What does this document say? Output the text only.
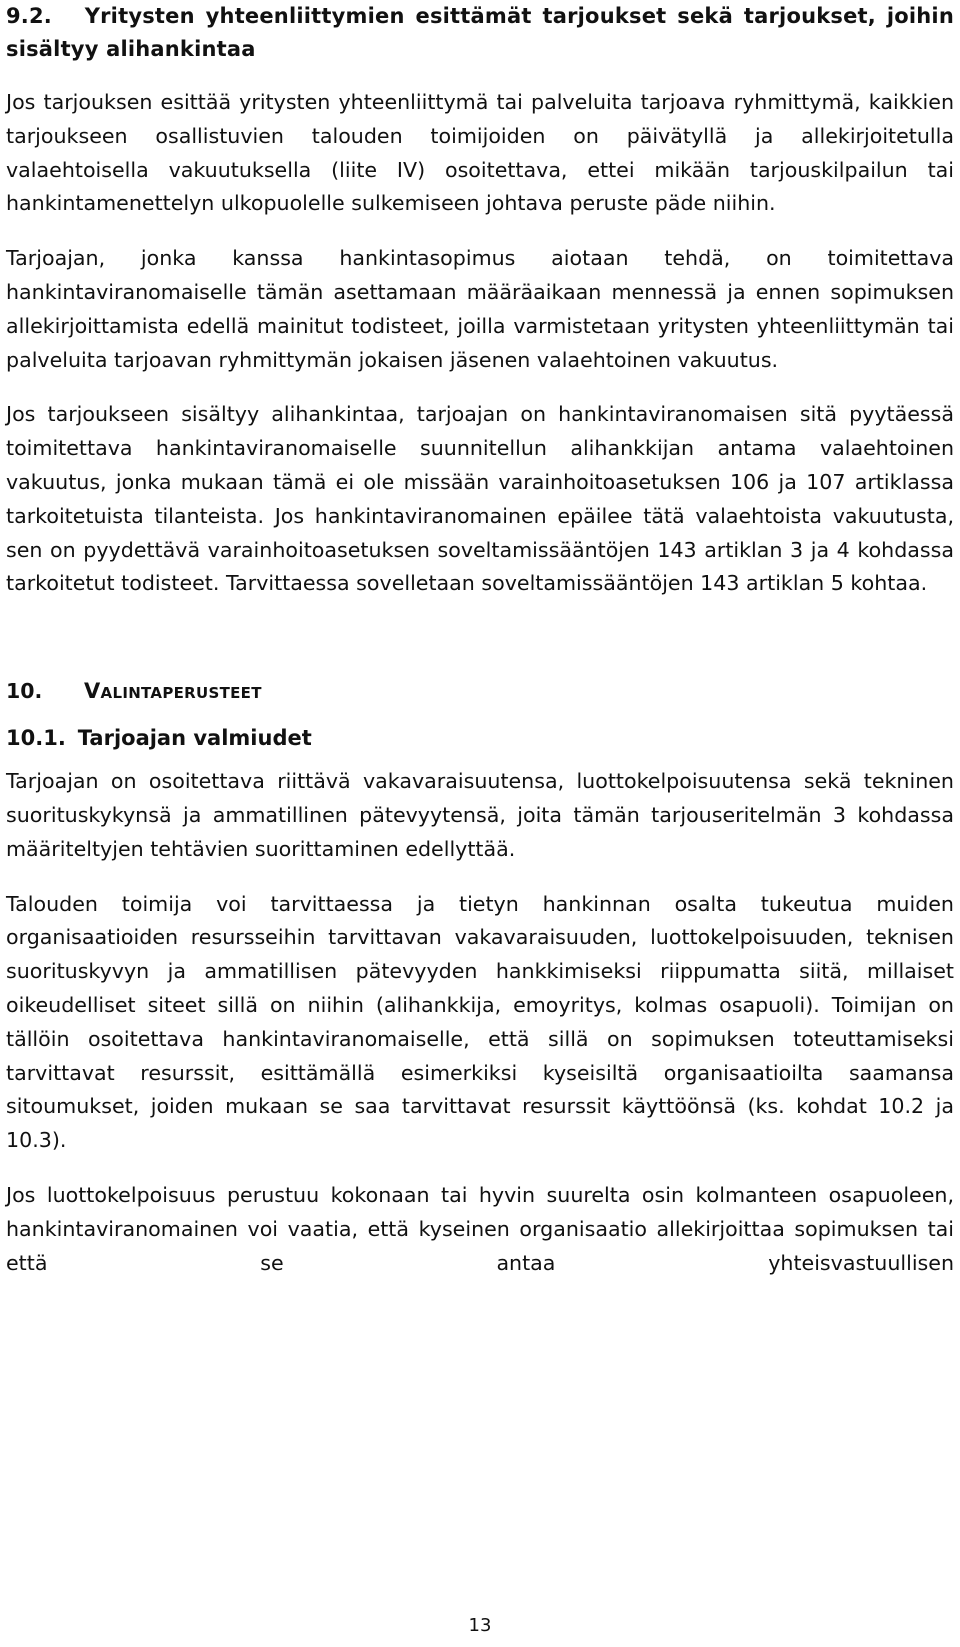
9.2. Yritysten yhteenliittymien esittämät tarjoukset sekä tarjoukset, joihin sisältyy alihankintaa

Jos tarjouksen esittää yritysten yhteenliittymä tai palveluita tarjoava ryhmittymä, kaikkien tarjoukseen osallistuvien talouden toimijoiden on päivätyllä ja allekirjoitetulla valaehtoisella vakuutuksella (liite IV) osoitettava, ettei mikään tarjouskilpailun tai hankintamenettelyn ulkopuolelle sulkemiseen johtava peruste päde niihin.

Tarjoajan, jonka kanssa hankintasopimus aiotaan tehdä, on toimitettava hankintaviranomaiselle tämän asettamaan määräaikaan mennessä ja ennen sopimuksen allekirjoittamista edellä mainitut todisteet, joilla varmistetaan yritysten yhteenliittymän tai palveluita tarjoavan ryhmittymän jokaisen jäsenen valaehtoinen vakuutus.

Jos tarjoukseen sisältyy alihankintaa, tarjoajan on hankintaviranomaisen sitä pyytäessä toimitettava hankintaviranomaiselle suunnitellun alihankkijan antama valaehtoinen vakuutus, jonka mukaan tämä ei ole missään varainhoitoasetuksen 106 ja 107 artiklassa tarkoitetuista tilanteista. Jos hankintaviranomainen epäilee tätä valaehtoista vakuutusta, sen on pyydettävä varainhoitoasetuksen soveltamissääntöjen 143 artiklan 3 ja 4 kohdassa tarkoitetut todisteet. Tarvittaessa sovelletaan soveltamissääntöjen 143 artiklan 5 kohtaa.

10.	Valintaperusteet
10.1. Tarjoajan valmiudet

Tarjoajan on osoitettava riittävä vakavaraisuutensa, luottokelpoisuutensa sekä tekninen suorituskykynsä ja ammatillinen pätevyytensä, joita tämän tarjouseritelmän 3 kohdassa määriteltyjen tehtävien suorittaminen edellyttää.

Talouden toimija voi tarvittaessa ja tietyn hankinnan osalta tukeutua muiden organisaatioiden resursseihin tarvittavan vakavaraisuuden, luottokelpoisuuden, teknisen suorituskyvyn ja ammatillisen pätevyyden hankkimiseksi riippumatta siitä, millaiset oikeudelliset siteet sillä on niihin (alihankkija, emoyritys, kolmas osapuoli). Toimijan on tällöin osoitettava hankintaviranomaiselle, että sillä on sopimuksen toteuttamiseksi tarvittavat resurssit, esittämällä esimerkiksi kyseisiltä organisaatioilta saamansa sitoumukset, joiden mukaan se saa tarvittavat resurssit käyttöönsä (ks. kohdat 10.2 ja 10.3).

Jos luottokelpoisuus perustuu kokonaan tai hyvin suurelta osin kolmanteen osapuoleen, hankintaviranomainen voi vaatia, että kyseinen organisaatio allekirjoittaa sopimuksen tai että se antaa yhteisvastuullisen

13
